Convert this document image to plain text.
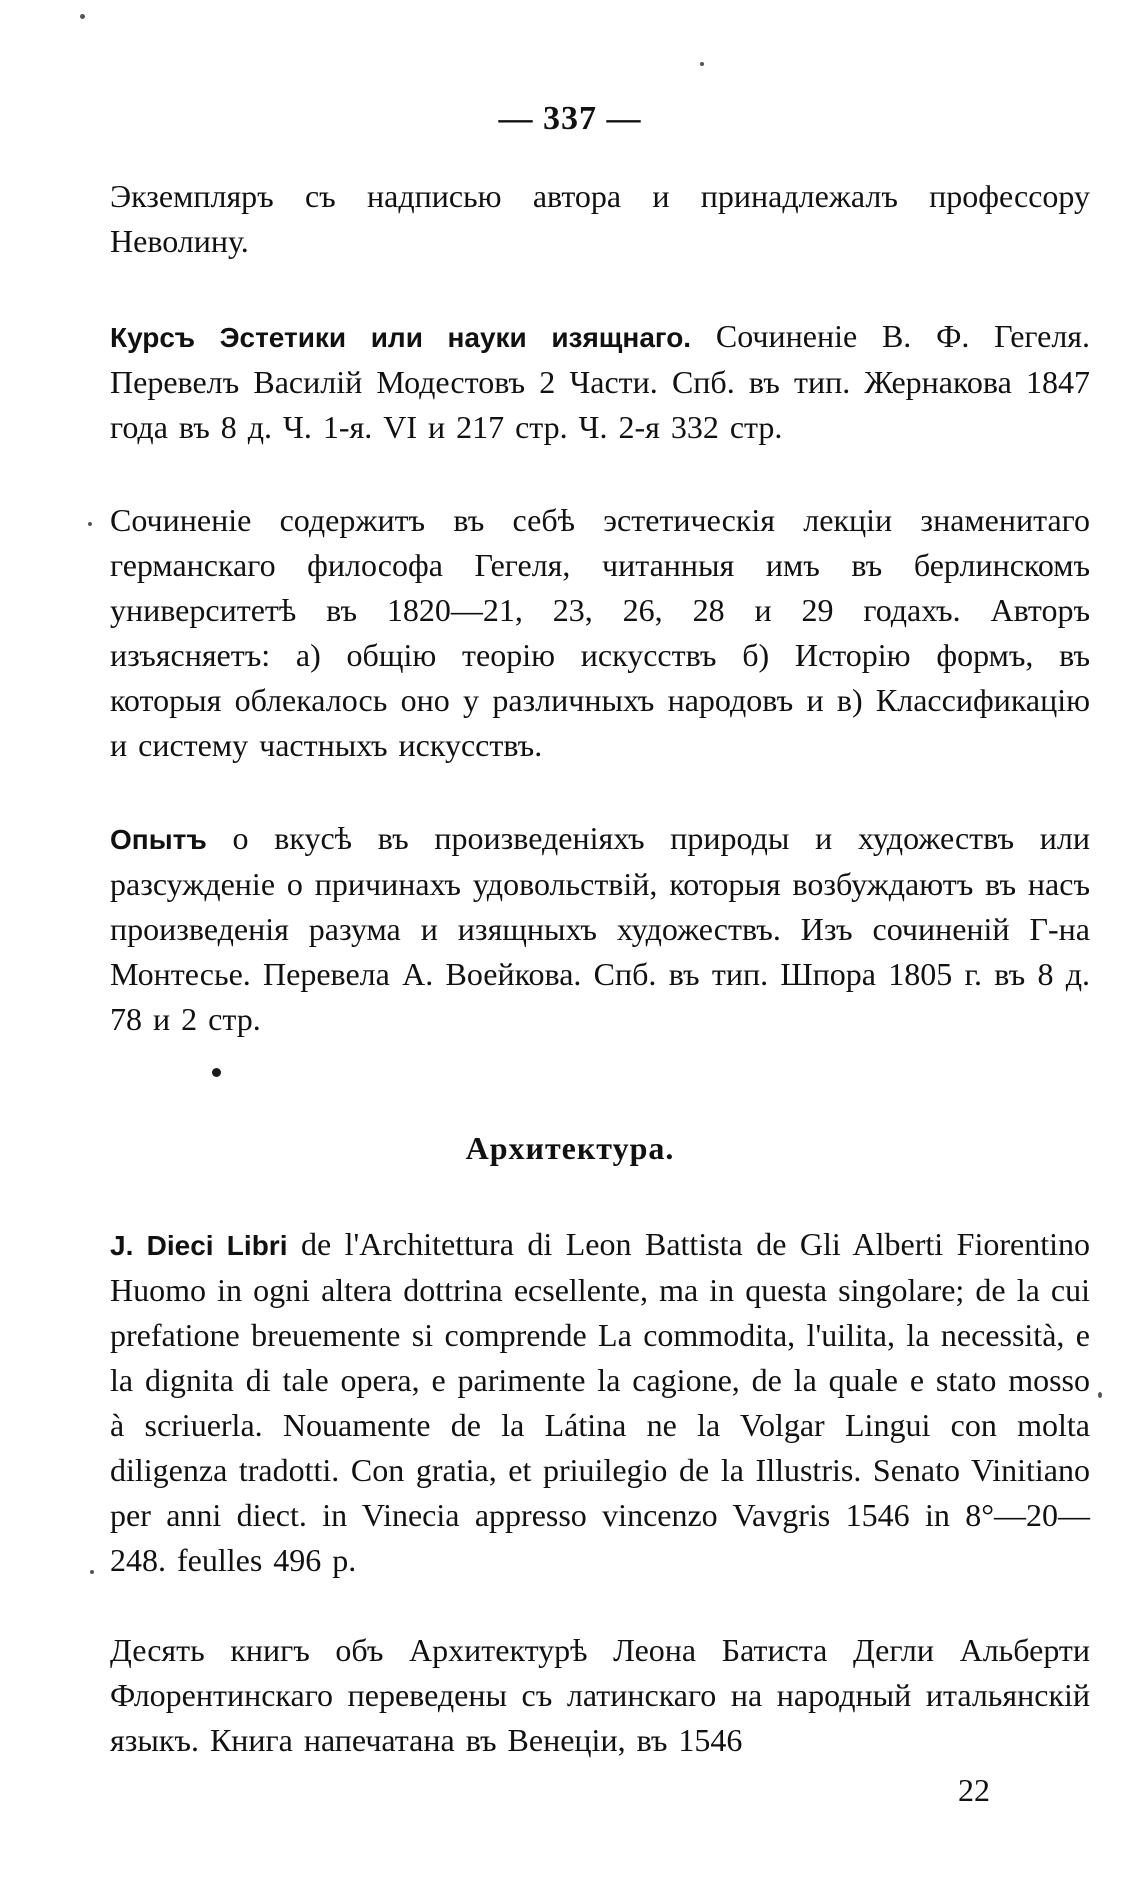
— 337 —
Экземпляръ съ надписью автора и принадлежалъ профессору Неволину.
Курсъ Эстетики или науки изящнаго. Сочиненіе В. Ф. Гегеля. Перевелъ Василій Модестовъ 2 Части. Спб. въ тип. Жернакова 1847 года въ 8 д. Ч. 1-я. VI и 217 стр. Ч. 2-я 332 стр.
Сочиненіе содержитъ въ себѣ эстетическія лекціи знаменитаго германскаго философа Гегеля, читанныя имъ въ берлинскомъ университетѣ въ 1820—21, 23, 26, 28 и 29 годахъ. Авторъ изъясняетъ: а) общію теорію искусствъ б) Исторію формъ, въ которыя облекалось оно у различныхъ народовъ и в) Классификацію и систему частныхъ искусствъ.
Опытъ о вкусѣ въ произведеніяхъ природы и художествъ или разсужденіе о причинахъ удовольствій, которыя возбуждаютъ въ насъ произведенія разума и изящныхъ художествъ. Изъ сочиненій Г-на Монтесье. Перевела А. Воейкова. Спб. въ тип. Шпора 1805 г. въ 8 д. 78 и 2 стр.
Архитектура.
J. Dieci Libri de l'Architettura di Leon Battista de Gli Alberti Fiorentino Huomo in ogni altera dottrina ecsellente, ma in questa singolare; de la cui prefatione breuemente si comprende La commodita, l'uilita, la necessità, e la dignita di tale opera, e parimente la cagione, de la quale e stato mosso à scriuerla. Nouamente de la Látina ne la Volgar Lingui con molta diligenza tradotti. Con gratia, et priuilegio de la Illustris. Senato Vinitiano per anni diect. in Vinecia appresso vincenzo Vavgris 1546 in 8°—20—248. feulles 496 p.
Десять книгъ объ Архитектурѣ Леона Батиста Дегли Альберти Флорентинскаго переведены съ латинскаго на народный итальянскій языкъ. Книга напечатана въ Венеціи, въ 1546
22
